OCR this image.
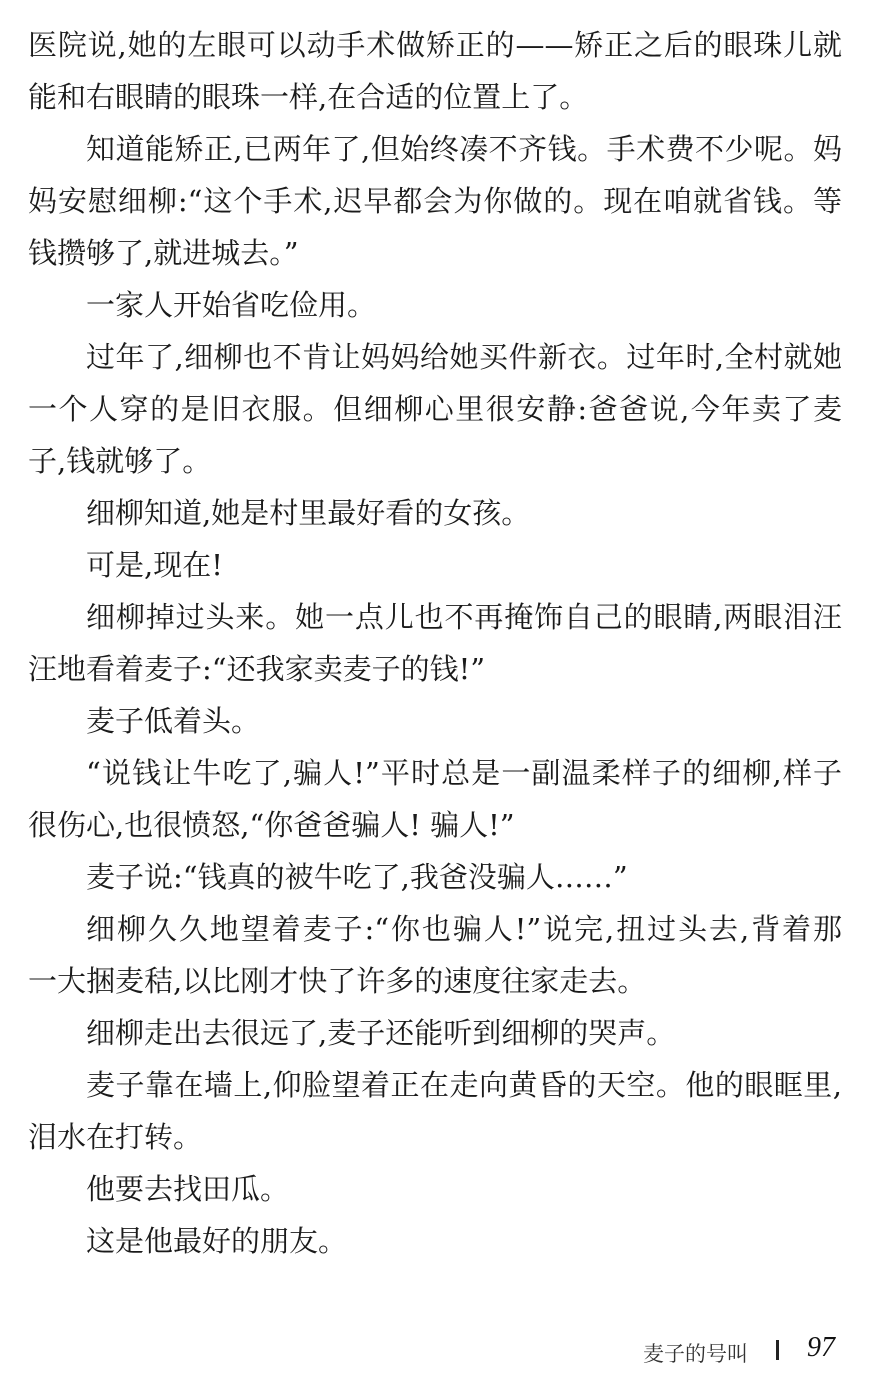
医院说,她的左眼可以动手术做矫正的——矫正之后的眼珠儿就
能和右眼睛的眼珠一样,在合适的位置上了。
知道能矫正,已两年了,但始终凑不齐钱。手术费不少呢。妈
妈安慰细柳:“这个手术,迟早都会为你做的。现在咱就省钱。等
钱攒够了,就进城去。”
一家人开始省吃俭用。
过年了,细柳也不肯让妈妈给她买件新衣。过年时,全村就她
一个人穿的是旧衣服。但细柳心里很安静:爸爸说,今年卖了麦
子,钱就够了。
细柳知道,她是村里最好看的女孩。
可是,现在!
细柳掉过头来。她一点儿也不再掩饰自己的眼睛,两眼泪汪
汪地看着麦子:“还我家卖麦子的钱!”
麦子低着头。
“说钱让牛吃了,骗人!”平时总是一副温柔样子的细柳,样子
很伤心,也很愤怒,“你爸爸骗人! 骗人!”
麦子说:“钱真的被牛吃了,我爸没骗人……”
细柳久久地望着麦子:“你也骗人!”说完,扭过头去,背着那
一大捆麦秸,以比刚才快了许多的速度往家走去。
细柳走出去很远了,麦子还能听到细柳的哭声。
麦子靠在墙上,仰脸望着正在走向黄昏的天空。他的眼眶里,
泪水在打转。
他要去找田瓜。
这是他最好的朋友。
麦子的号叫 97
